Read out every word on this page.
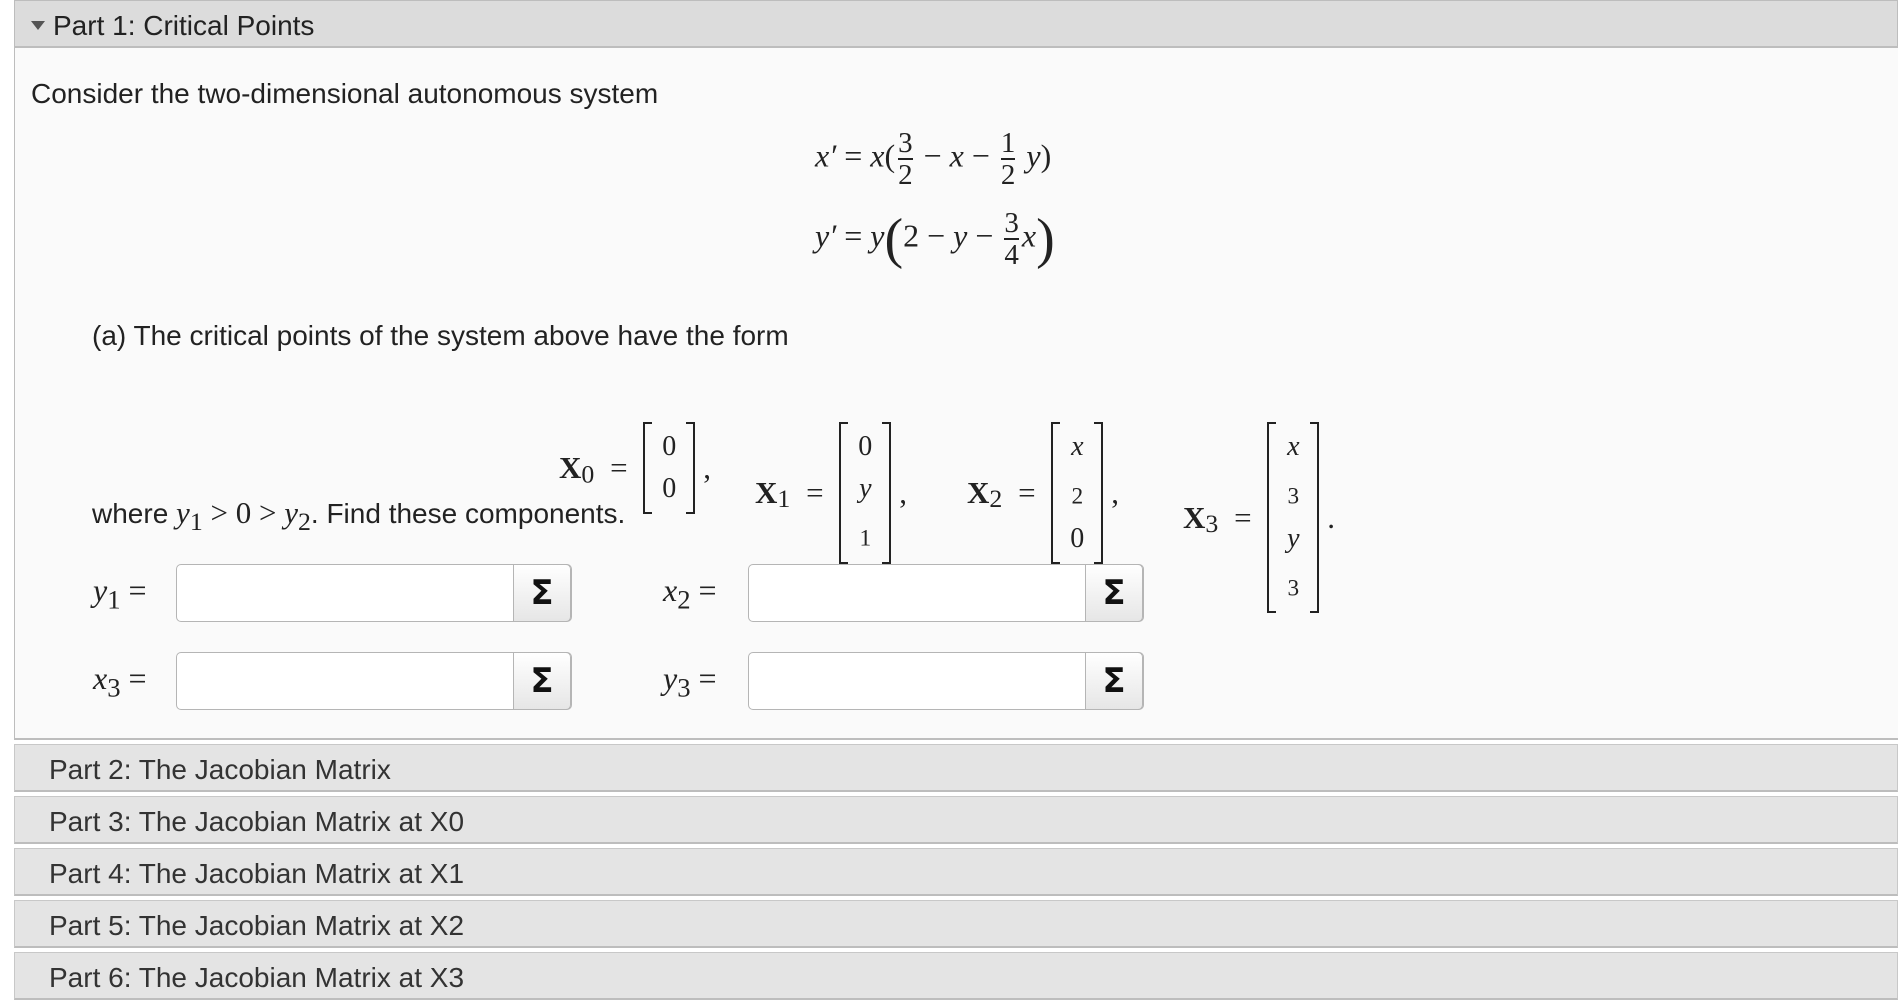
Part 1: Critical Points
Consider the two-dimensional autonomous system
$x' = x( \frac{3}{2} - x - \frac{1}{2} y)$
$y' = y(2 - y - \frac{3}{4} x)$
(a) The critical points of the system above have the form
$X_0$ =
0
0
,
$X_1$ =
0
y
$_1$
, $X_2$ =
x
$_2$
0
,
$X_3$ =
x
$_3$
y
$_3$
.
where $y_1 > 0 > y_2$. Find these components.
$y_1$ =	Σ	$x_2$ =	Σ
$x_3$ =	Σ	$y_3$ =	Σ
Part 2: The Jacobian Matrix
Part 3: The Jacobian Matrix at X0
Part 4: The Jacobian Matrix at X1
Part 5: The Jacobian Matrix at X2
Part 6: The Jacobian Matrix at X3
